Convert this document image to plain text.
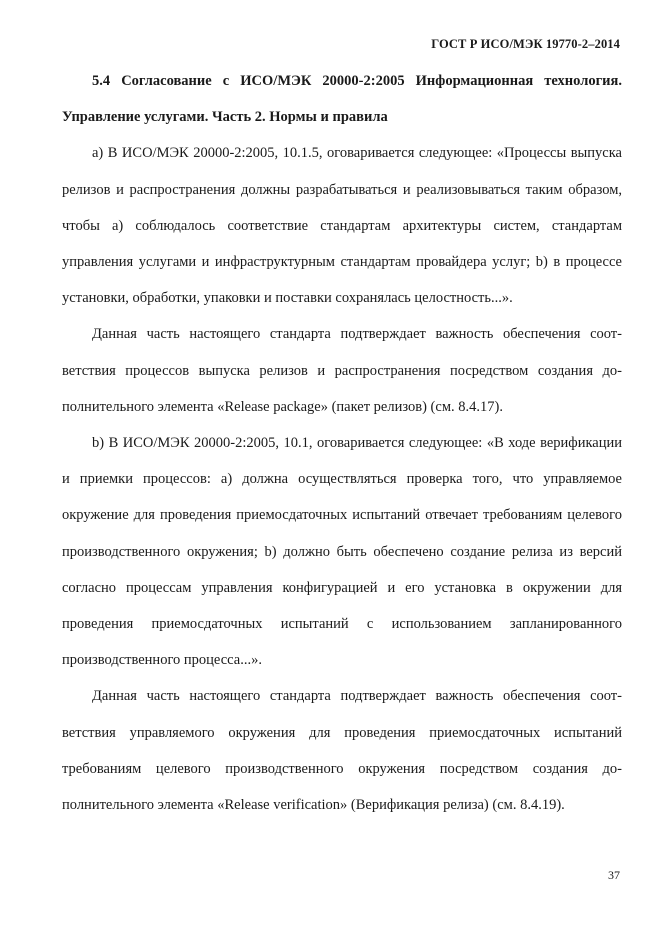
ГОСТ Р ИСО/МЭК 19770-2–2014

5.4 Согласование с ИСО/МЭК 20000-2:2005 Информационная технология. Управление услугами. Часть 2. Нормы и правила

a) В ИСО/МЭК 20000-2:2005, 10.1.5, оговаривается следующее: «Процессы выпуска релизов и распространения должны разрабатываться и реализовываться таким образом, чтобы а) соблюдалось соответствие стандартам архитектуры систем, стандартам управления услугами и инфраструктурным стандартам провайдера услуг; b) в процессе установки, обработки, упаковки и поставки сохранялась целостность...».

Данная часть настоящего стандарта подтверждает важность обеспечения соответствия процессов выпуска релизов и распространения посредством создания дополнительного элемента «Release package» (пакет релизов) (см. 8.4.17).

b) В ИСО/МЭК 20000-2:2005, 10.1, оговаривается следующее: «В ходе верификации и приемки процессов: а) должна осуществляться проверка того, что управляемое окружение для проведения приемосдаточных испытаний отвечает требованиям целевого производственного окружения; b) должно быть обеспечено создание релиза из версий согласно процессам управления конфигурацией и его установка в окружении для проведения приемосдаточных испытаний с использованием запланированного производственного процесса...».

Данная часть настоящего стандарта подтверждает важность обеспечения соответствия управляемого окружения для проведения приемосдаточных испытаний требованиям целевого производственного окружения посредством создания дополнительного элемента «Release verification» (Верификация релиза) (см. 8.4.19).

37
